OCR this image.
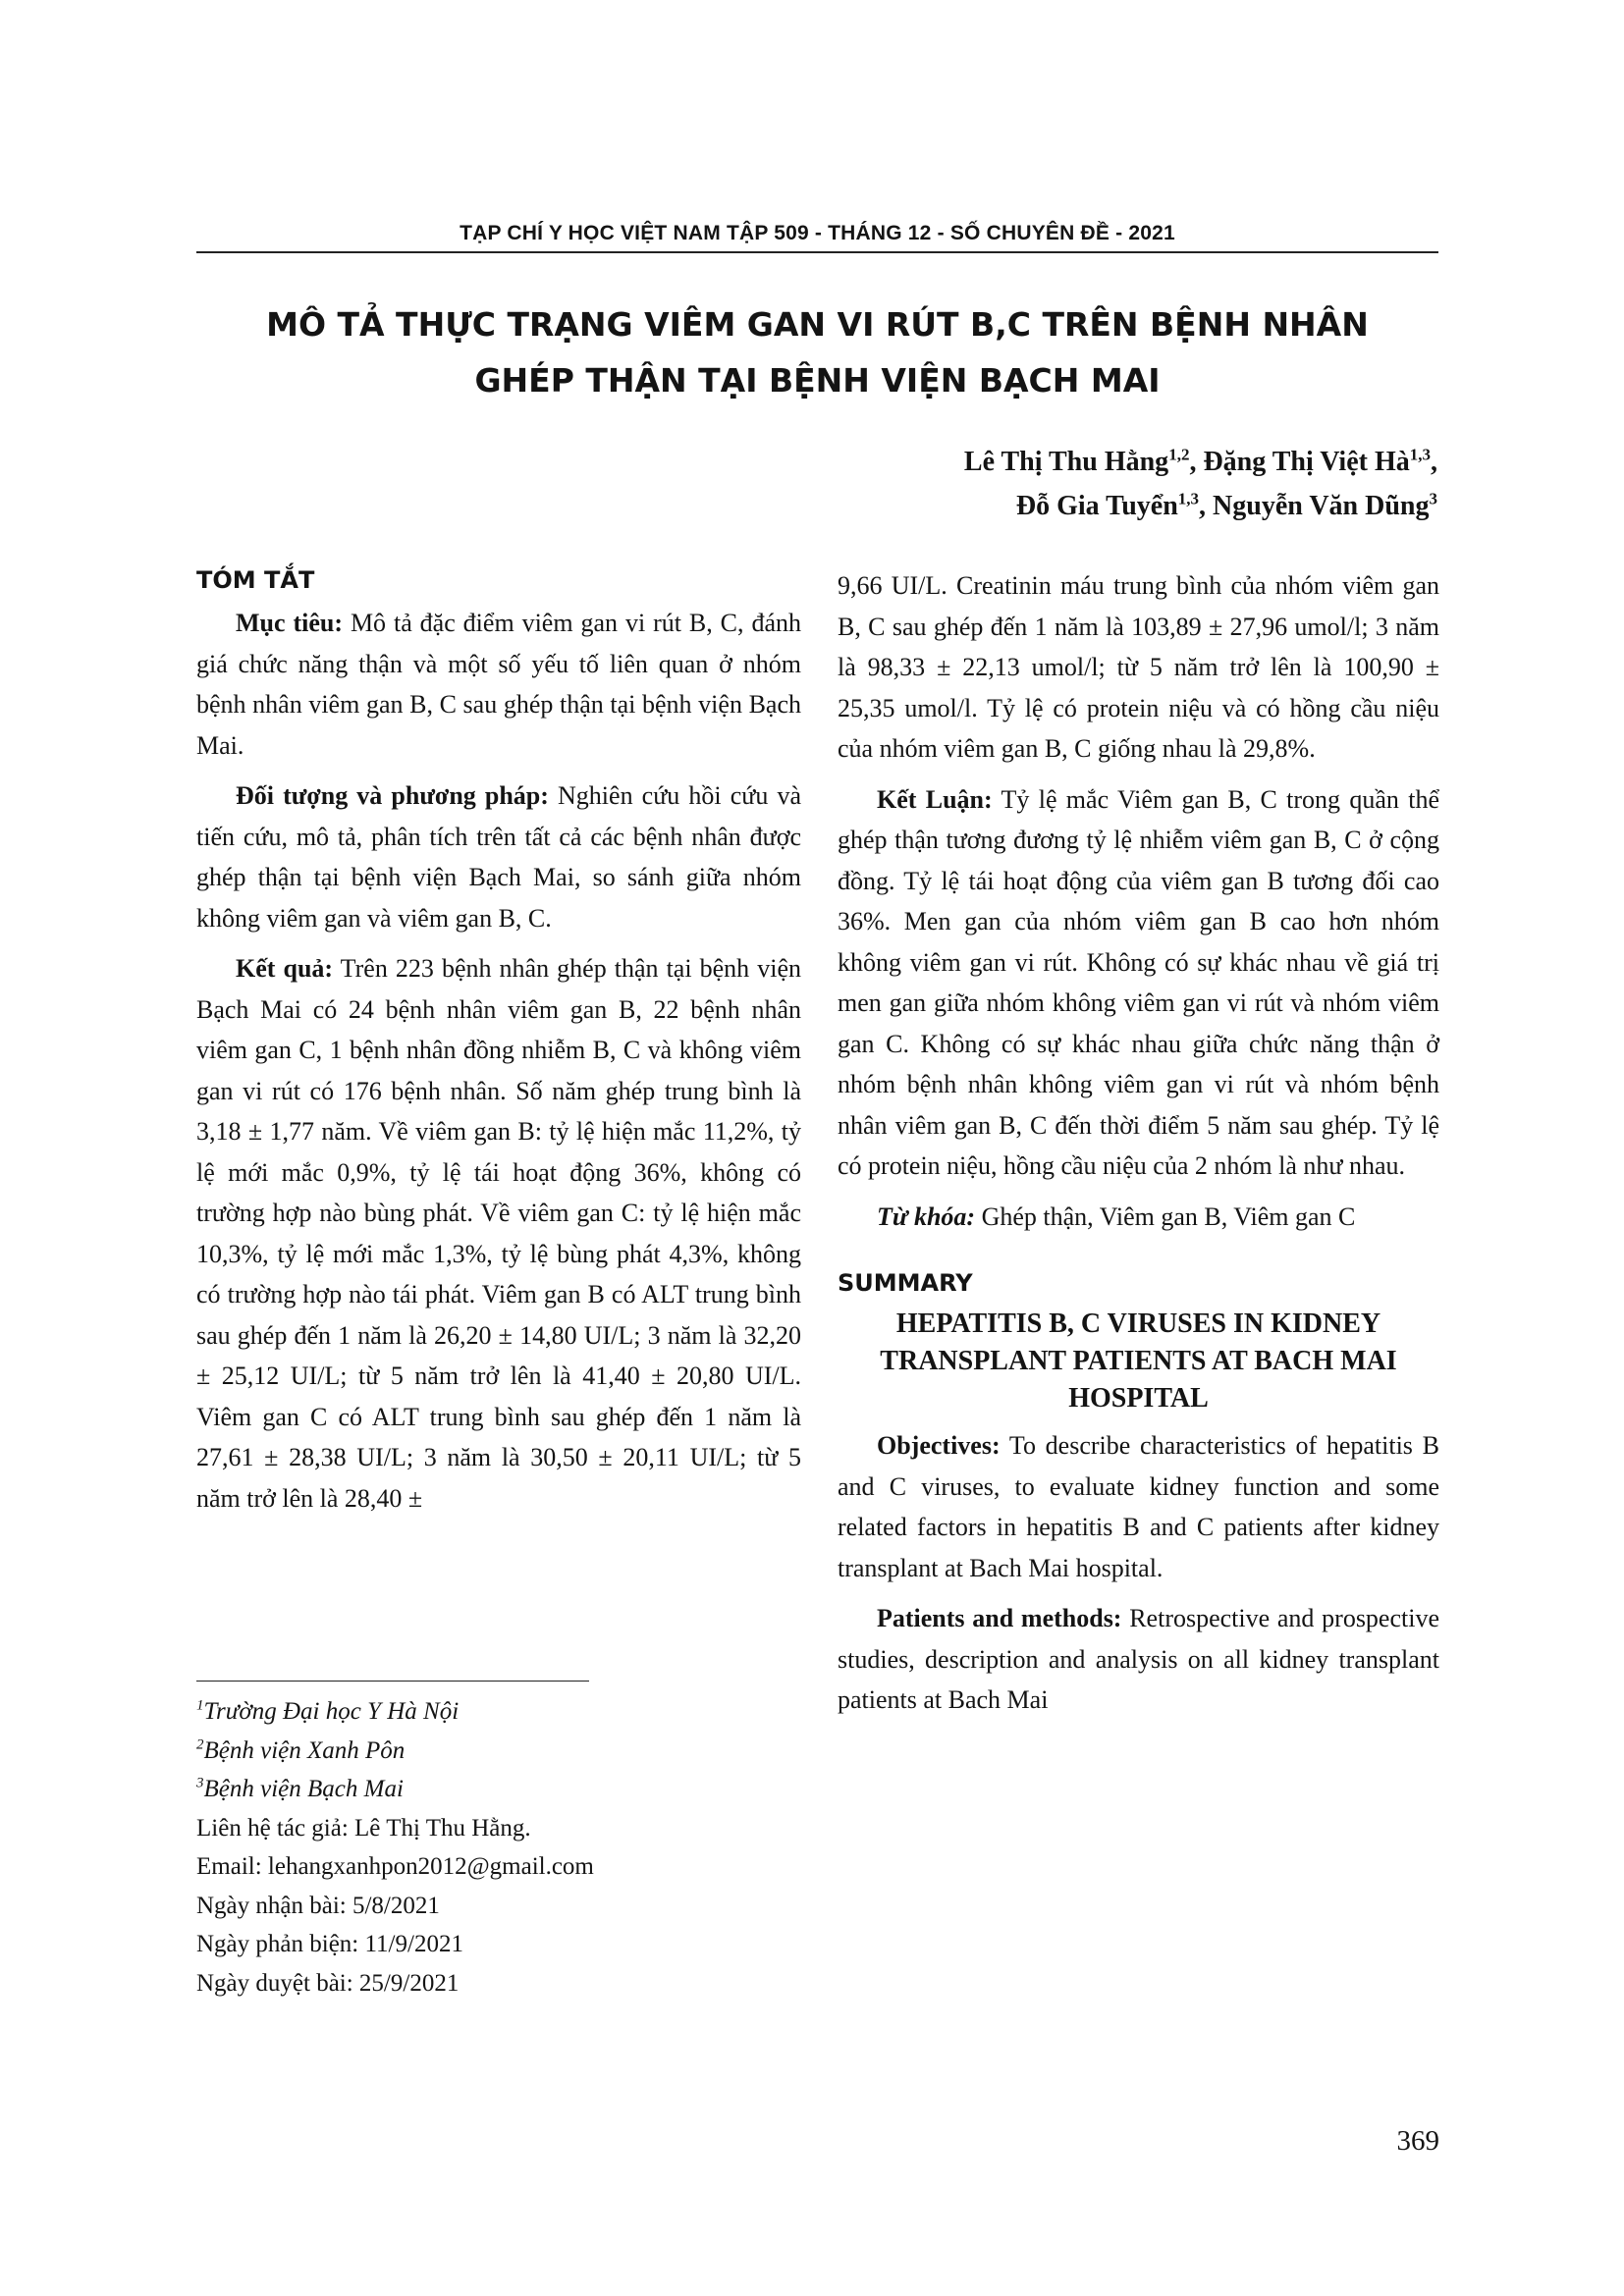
TẠP CHÍ Y HỌC VIỆT NAM TẬP 509 - THÁNG 12 - SỐ CHUYÊN ĐỀ - 2021
MÔ TẢ THỰC TRẠNG VIÊM GAN VI RÚT B,C TRÊN BỆNH NHÂN
GHÉP THẬN TẠI BỆNH VIỆN BẠCH MAI
Lê Thị Thu Hằng$^{1,2}$, Đặng Thị Việt Hà$^{1,3}$,
Đỗ Gia Tuyển$^{1,3}$, Nguyễn Văn Dũng$^3$
TÓM TẮT

Mục tiêu: Mô tả đặc điểm viêm gan vi rút B, C, đánh giá chức năng thận và một số yếu tố liên quan ở nhóm bệnh nhân viêm gan B, C sau ghép thận tại bệnh viện Bạch Mai.

Đối tượng và phương pháp: Nghiên cứu hồi cứu và tiến cứu, mô tả, phân tích trên tất cả các bệnh nhân được ghép thận tại bệnh viện Bạch Mai, so sánh giữa nhóm không viêm gan và viêm gan B, C.

Kết quả: Trên 223 bệnh nhân ghép thận tại bệnh viện Bạch Mai có 24 bệnh nhân viêm gan B, 22 bệnh nhân viêm gan C, 1 bệnh nhân đồng nhiễm B, C và không viêm gan vi rút có 176 bệnh nhân. Số năm ghép trung bình là 3,18 ± 1,77 năm. Về viêm gan B: tỷ lệ hiện mắc 11,2%, tỷ lệ mới mắc 0,9%, tỷ lệ tái hoạt động 36%, không có trường hợp nào bùng phát. Về viêm gan C: tỷ lệ hiện mắc 10,3%, tỷ lệ mới mắc 1,3%, tỷ lệ bùng phát 4,3%, không có trường hợp nào tái phát. Viêm gan B có ALT trung bình sau ghép đến 1 năm là 26,20 ± 14,80 UI/L; 3 năm là 32,20 ± 25,12 UI/L; từ 5 năm trở lên là 41,40 ± 20,80 UI/L. Viêm gan C có ALT trung bình sau ghép đến 1 năm là 27,61 ± 28,38 UI/L; 3 năm là 30,50 ± 20,11 UI/L; từ 5 năm trở lên là 28,40 ±

$^1$Trường Đại học Y Hà Nội
$^2$Bệnh viện Xanh Pôn
$^3$Bệnh viện Bạch Mai
Liên hệ tác giả: Lê Thị Thu Hằng.
Email: lehangxanhpon2012@gmail.com
Ngày nhận bài: 5/8/2021
Ngày phản biện: 11/9/2021
Ngày duyệt bài: 25/9/2021

9,66 UI/L. Creatinin máu trung bình của nhóm viêm gan B, C sau ghép đến 1 năm là 103,89 ± 27,96 umol/l; 3 năm là 98,33 ± 22,13 umol/l; từ 5 năm trở lên là 100,90 ± 25,35 umol/l. Tỷ lệ có protein niệu và có hồng cầu niệu của nhóm viêm gan B, C giống nhau là 29,8%.

Kết Luận: Tỷ lệ mắc Viêm gan B, C trong quần thể ghép thận tương đương tỷ lệ nhiễm viêm gan B, C ở cộng đồng. Tỷ lệ tái hoạt động của viêm gan B tương đối cao 36%. Men gan của nhóm viêm gan B cao hơn nhóm không viêm gan vi rút. Không có sự khác nhau về giá trị men gan giữa nhóm không viêm gan vi rút và nhóm viêm gan C. Không có sự khác nhau giữa chức năng thận ở nhóm bệnh nhân không viêm gan vi rút và nhóm bệnh nhân viêm gan B, C đến thời điểm 5 năm sau ghép. Tỷ lệ có protein niệu, hồng cầu niệu của 2 nhóm là như nhau.

Từ khóa: Ghép thận, Viêm gan B, Viêm gan C

SUMMARY
HEPATITIS B, C VIRUSES IN KIDNEY TRANSPLANT PATIENTS AT BACH MAI HOSPITAL

Objectives: To describe characteristics of hepatitis B and C viruses, to evaluate kidney function and some related factors in hepatitis B and C patients after kidney transplant at Bach Mai hospital.

Patients and methods: Retrospective and prospective studies, description and analysis on all kidney transplant patients at Bach Mai

369
